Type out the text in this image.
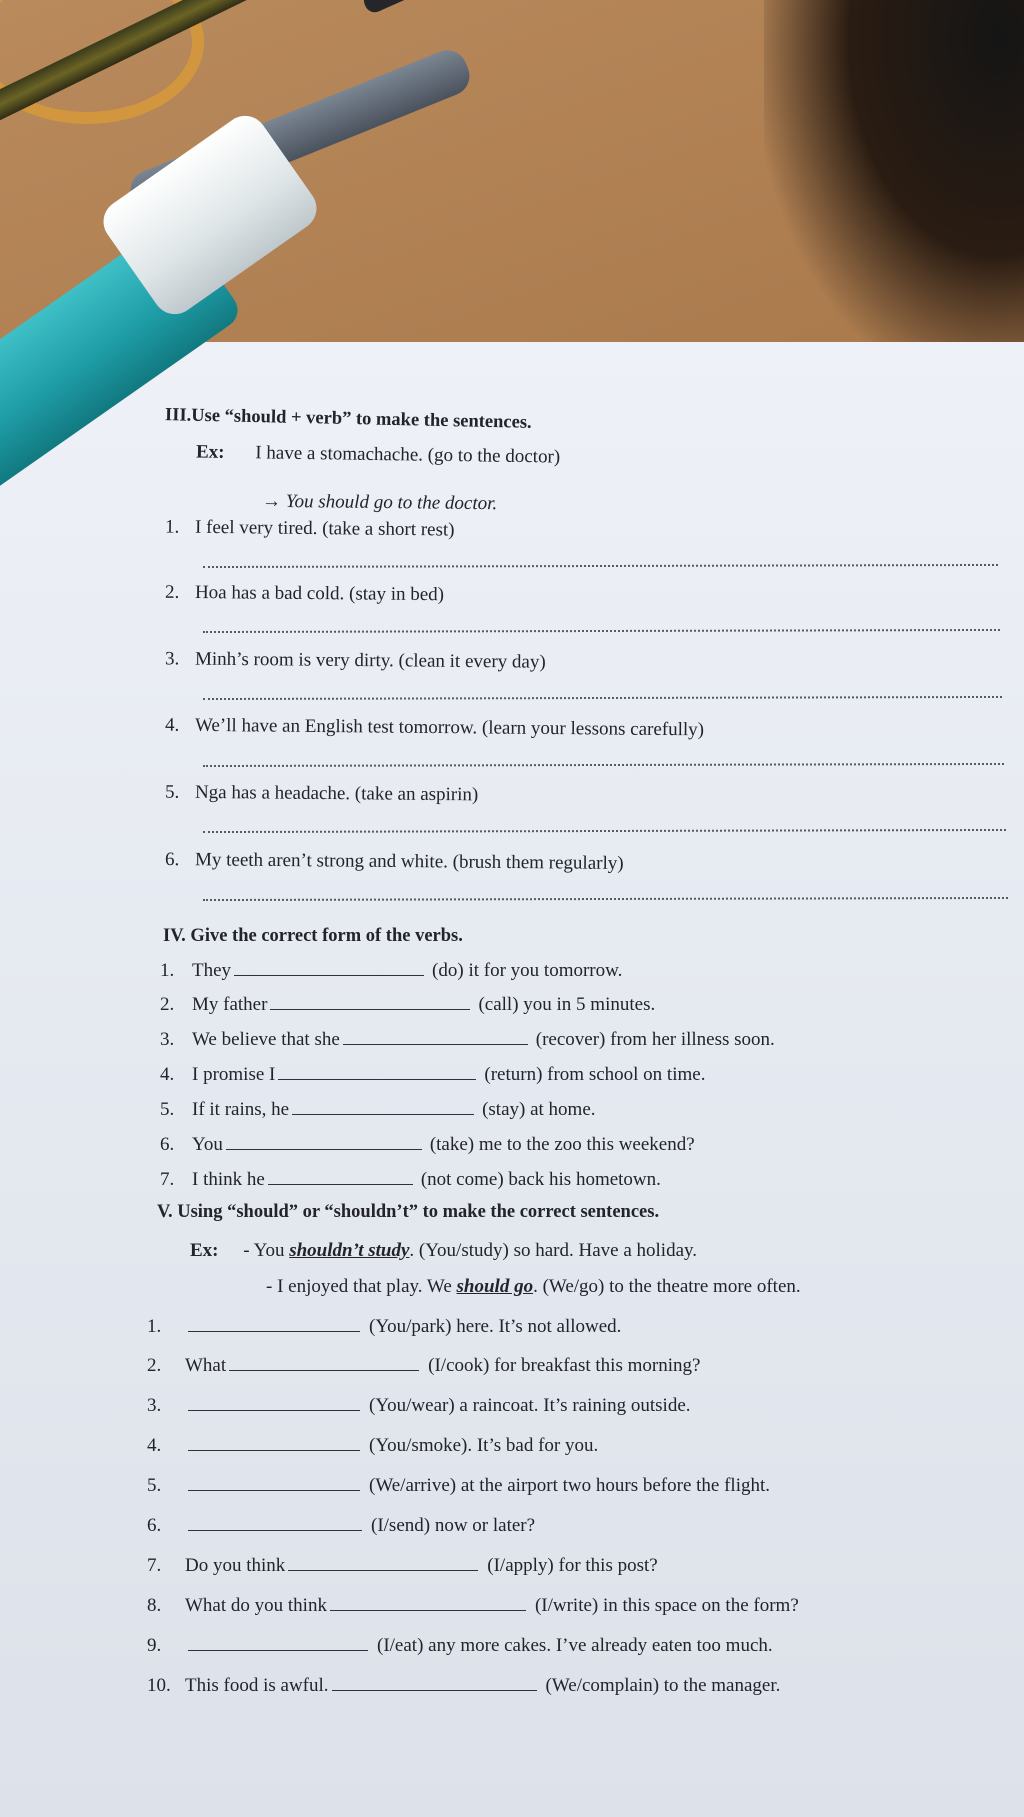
III.Use “should + verb” to make the sentences.
Ex: I have a stomachache. (go to the doctor)
→ You should go to the doctor.
1. I feel very tired. (take a short rest)
2. Hoa has a bad cold. (stay in bed)
3. Minh’s room is very dirty. (clean it every day)
4. We’ll have an English test tomorrow. (learn your lessons carefully)
5. Nga has a headache. (take an aspirin)
6. My teeth aren’t strong and white. (brush them regularly)
IV. Give the correct form of the verbs.
1. They	(do) it for you tomorrow.
2. My father	(call) you in 5 minutes.
3. We believe that she	(recover) from her illness soon.
4. I promise I	(return) from school on time.
5. If it rains, he	(stay) at home.
6. You	(take) me to the zoo this weekend?
7. I think he	(not come) back his hometown.
V. Using “should” or “shouldn’t” to make the correct sentences.
Ex: - You shouldn’t study. (You/study) so hard. Have a holiday.
- I enjoyed that play. We should go. (We/go) to the theatre more often.
1.	(You/park) here. It’s not allowed.
2. What	(I/cook) for breakfast this morning?
3.	(You/wear) a raincoat. It’s raining outside.
4.	(You/smoke). It’s bad for you.
5.	(We/arrive) at the airport two hours before the flight.
6.	(I/send) now or later?
7. Do you think	(I/apply) for this post?
8. What do you think	(I/write) in this space on the form?
9.	(I/eat) any more cakes. I’ve already eaten too much.
10. This food is awful.	(We/complain) to the manager.
